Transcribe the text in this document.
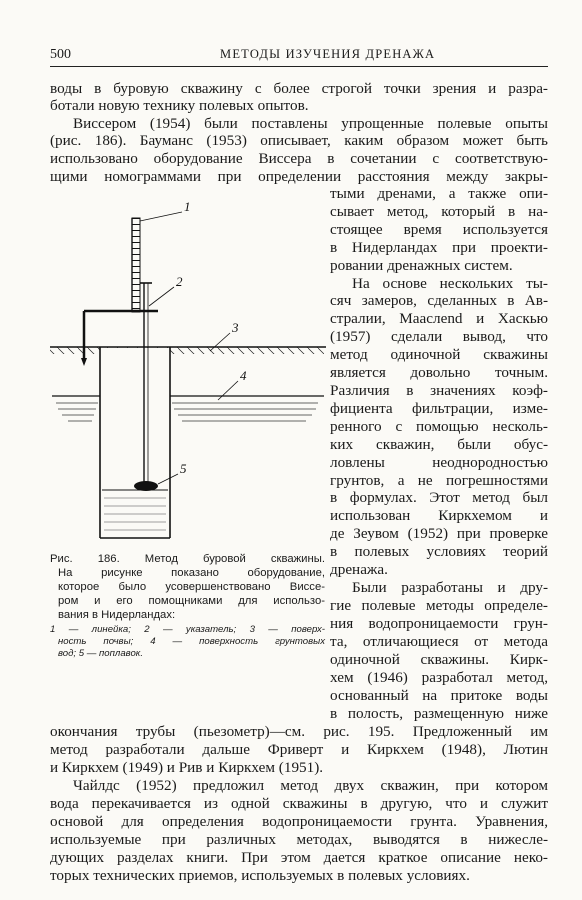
500	МЕТОДЫ ИЗУЧЕНИЯ ДРЕНАЖА

воды в буровую скважину с более строгой точки зрения и разра-

ботали новую технику полевых опытов.

Виссером (1954) были поставлены упрощенные полевые опыты

(рис. 186). Бауманс (1953) описывает, каким образом может быть

использовано оборудование Виссера в сочетании с соответствую-

щими номограммами при определении расстояния между закры-

тыми дренами, а также опи-

сывает метод, который в на-

стоящее время используется

в Нидерландах при проекти-

ровании дренажных систем.

На основе нескольких ты-

сяч замеров, сделанных в Ав-

стралии, Мааслend и Хаскью

(1957) сделали вывод, что

метод одиночной скважины

является довольно точным.

Различия в значениях коэф-

фициента фильтрации, изме-

ренного с помощью несколь-

ких скважин, были обус-

ловлены неоднородностью

грунтов, а не погрешностями

в формулах. Этот метод был

использован Киркхемом и

де Зеувом (1952) при проверке

в полевых условиях теорий

дренажа.

Были разработаны и дру-

гие полевые методы определе-

ния водопроницаемости грун-

та, отличающиеся от метода

одиночной скважины. Кирк-

хем (1946) разработал метод,

основанный на притоке воды

в полость, размещенную ниже

окончания трубы (пьезометр)—см. рис. 195. Предложенный им

метод разработали дальше Фриверт и Киркхем (1948), Лютин

и Киркхем (1949) и Рив и Киркхем (1951).

Чайлдс (1952) предложил метод двух скважин, при котором

вода перекачивается из одной скважины в другую, что и служит

основой для определения водопроницаемости грунта. Уравнения,

используемые при различных методах, выводятся в нижеслe-

дующих разделах книги. При этом дается краткое описание неко-

торых технических приемов, используемых в полевых условиях.

1
2
3
4
5

Рис. 186. Метод буровой скважины.

На рисунке показано оборудование,

которое было усовершенствовано Виссе-

ром и его помощниками для использо-

вания в Нидерландах:

1 — линейка; 2 — указатель; 3 — поверх-

ность почвы; 4 — поверхность грунтовых

вод; 5 — поплавок.
